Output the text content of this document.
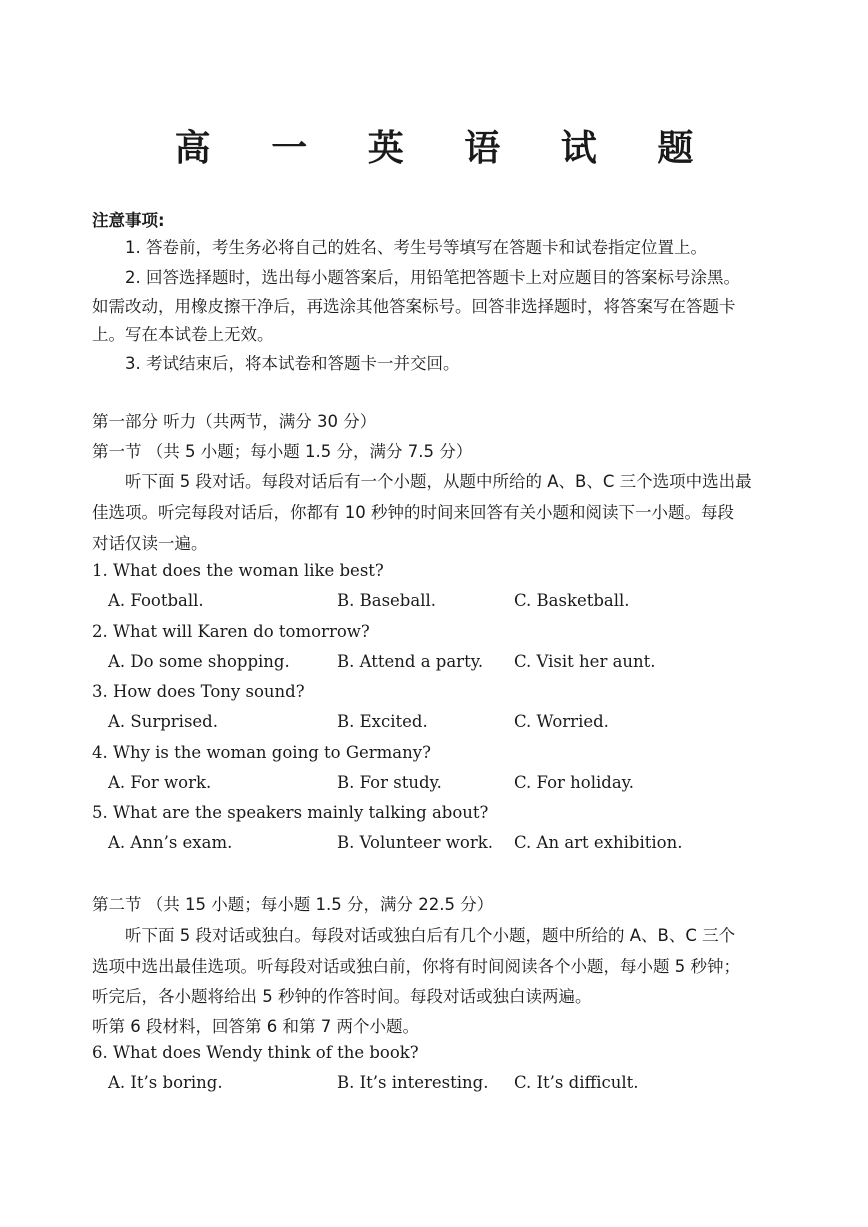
高 一 英 语 试 题
注意事项:
1. 答卷前，考生务必将自己的姓名、考生号等填写在答题卡和试卷指定位置上。
2. 回答选择题时，选出每小题答案后，用铅笔把答题卡上对应题目的答案标号涂黑。
如需改动，用橡皮擦干净后，再选涂其他答案标号。回答非选择题时，将答案写在答题卡
上。写在本试卷上无效。
3. 考试结束后，将本试卷和答题卡一并交回。
第一部分 听力（共两节，满分 30 分）
第一节 （共 5 小题；每小题 1.5 分，满分 7.5 分）
听下面 5 段对话。每段对话后有一个小题，从题中所给的 A、B、C 三个选项中选出最
佳选项。听完每段对话后，你都有 10 秒钟的时间来回答有关小题和阅读下一小题。每段
对话仅读一遍。
1. What does the woman like best?
A. Football.	B. Baseball.	C. Basketball.
2. What will Karen do tomorrow?
A. Do some shopping.	B. Attend a party. C. Visit her aunt.
3. How does Tony sound?
A. Surprised.	B. Excited.	C. Worried.
4. Why is the woman going to Germany?
A. For work.	B. For study.	C. For holiday.
5. What are the speakers mainly talking about?
A. Ann’s exam.	B. Volunteer work. C. An art exhibition.
第二节 （共 15 小题；每小题 1.5 分，满分 22.5 分）
听下面 5 段对话或独白。每段对话或独白后有几个小题，题中所给的 A、B、C 三个
选项中选出最佳选项。听每段对话或独白前，你将有时间阅读各个小题，每小题 5 秒钟；
听完后，各小题将给出 5 秒钟的作答时间。每段对话或独白读两遍。
听第 6 段材料，回答第 6 和第 7 两个小题。
6. What does Wendy think of the book?
A. It’s boring.	B. It’s interesting. C. It’s difficult.
